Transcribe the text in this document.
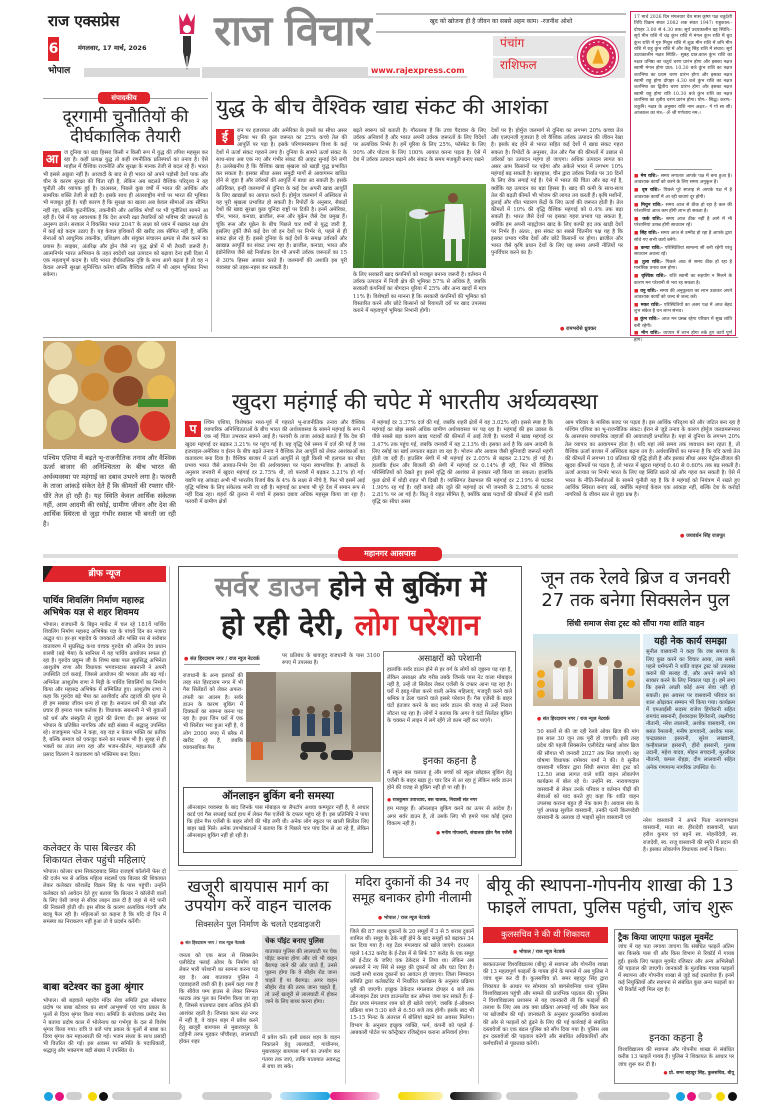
राज एक्सप्रेस
6	मंगलवार, 17 मार्च, 2026
भोपाल
राज विचार	खुद को खोजना ही है जीवन का सबसे अहम काम। -रजनीश ओशो
www.rajexpress.com
पंचांग
राशिफल
17 मार्च 2026 दिन मंगलवार चैत्र मास कृष्ण पक्ष चतुर्दशी तिथि विक्रम संवत 2082 शक संवत 1947। राहुकाल:- दोपहर 3.00 से 4.30 तक। सूर्य उदयकालीन ग्रह स्थिति:- सूर्य मीन राशि में चंद्र कुंभ राशि में मंगल कुंभ राशि में बुध कुंभ राशि में गुरु मिथुन राशि में शुक्र मीन राशि में शनि मीन राशि में राहु कुंभ राशि में और केतु सिंह राशि में संचार। सूर्य उदयकालीन नक्षत्र स्थिति:- सुबह प्रात:काल कुंभ राशि का नक्षत्र धनिष्ठा का चतुर्थ चरण प्रारंभ होगा और इसका नक्षत्र स्वामी मंगल होगा प्रात: 10.30 बजे कुंभ राशि का नक्षत्र शतभिषा का प्रथम चरण प्रारंभ होगा और इसका नक्षत्र स्वामी राहु होगा दोपहर 4.30 बजे कुंभ राशि का नक्षत्र शतभिषा का द्वितीय चरण प्रारंभ होगा और इसका नक्षत्र स्वामी राहु होगा रात्रि 10.30 बजे कुंभ राशि का नक्षत्र शतभिषा का तृतीय चरण प्रारंभ होगा। योग:- सिद्ध। करण:- शकुनि। नक्षत्र के अनुसार राशि नाम अक्षर:- गे गो सा सी। आजकल का मंत्र:- ॐ श्री गणेशाय नम:।
■ मेष राशि:- समय लगातार आपके पक्ष में बना हुआ है। आवश्यक कार्यों को करने के लिए समय अनुकूल है।
■ वृष राशि:- पिछले पूरे सप्ताह से आपके पक्ष में है आवश्यक कार्यों में आ रही बाधाएं दूर होंगी।
■ मिथुन राशि:- समय आज से ठीक हो रहा है कल की परेशानियां आज कम होंगी लाभ हो सकता है।
■ कर्क राशि:- समय आज ठीक नहीं है आगे में भी परेशानियां उत्पन्न होंगी सावधान रहें।
■ सिंह राशि:- समय आज से उम्मीद हो रहा है आपके द्वारा सोचे गए सभी कार्य बनेंगे।
■ कन्या राशि:- परिस्थितियां सामान्य सी बनी रहेंगी परंतु सावधान अवश्य रहें।
■ तुला राशि:- पिछले आठ से समय ठीक हो रहा है मानसिक तनाव कम होगा।
■ वृश्चिक राशि:- राशि स्वामी का सहयोग न मिलने के कारण मन परेशानी से भरा रह सकता है।
■ धनु राशि:- समय की अनुकूलता का लाभ उठाकर अपने आवश्यक कार्यों को जल्द से जल्द करें।
■ मकर राशि:- परिस्थितियों का असर पक्ष में आज बेहद शुभ संकेत है धन लाभ संभव।
■ कुंभ राशि:- आज मन प्रसन्न रहेगा परिवार में सुख शांति बनी रहेगी।
■ मीन राशि:- व्यापार में लाभ होगा रुके हुए कार्य पूर्ण होंगे।
संपादकीय
दूरगामी चुनौतियों की दीर्घकालिक तैयारी
आ	ज दुनिया का बड़ा हिस्सा किसी न किसी रूप में युद्ध की तपिश महसूस कर रहा है। कहीं प्रत्यक्ष युद्ध तो कहीं रणनीतिक प्रतिस्पर्धा का तनाव है। ऐसे माहौल में वैश्विक राजनीति और सुरक्षा के मानक तेजी से बदल रहे हैं। भारत भी इससे अछूता नहीं है। आजादी के बाद से ही भारत को अपने पड़ोसी देशों पाक और चीन के कारण सुरक्षा की चिंता रही है, लेकिन अब बदलते वैश्विक परिदृश्य ने यह चुनौती और व्यापक हुई है। दरअसल, पिछले कुछ वर्षों में भारत की आर्थिक और सामरिक शक्ति तेजी से बढ़ी है। इसके साथ ही अंतरराष्ट्रीय मंचों पर भारत की भूमिका भी मजबूत हुई है। यही कारण है कि सुरक्षा का खतरा अब केवल सीमाओं तक सीमित नहीं रहा, बल्कि कूटनीतिक, तकनीकी और आर्थिक मोर्चों पर भी चुनौतियां सामने आ रही हैं। ऐसे में यह आवश्यक है कि देश अपनी रक्षा तैयारियों को भविष्य की जरूरतों के अनुरूप ढाले। सरकार ने विकसित भारत 2047 के लक्ष्य को ध्यान में रखकर रक्षा क्षेत्र में कई बड़े कदम उठाए हैं। यह केवल हथियारों की खरीद तक सीमित नहीं है, बल्कि सेनाओं को आधुनिक तकनीक, प्रशिक्षण और संयुक्त संचालन क्षमता से लैस करने का प्रयास है। साइबर, अंतरिक्ष और ड्रोन जैसे नए युद्ध क्षेत्रों में भी तैयारी जरूरी है। आत्मनिर्भर भारत अभियान के तहत स्वदेशी रक्षा उत्पादन को बढ़ावा देना इसी दिशा में एक महत्वपूर्ण कदम है। यदि भारत दीर्घकालिक दृष्टि के साथ आगे बढ़ता है तो वह न केवल अपनी सुरक्षा सुनिश्चित करेगा बल्कि वैश्विक शांति में भी अहम भूमिका निभा सकेगा।
युद्ध के बीच वैश्विक खाद्य संकट की आशंका
ई	रान पर इजरायल और अमेरिका के हमले का सीधा असर दुनिया भर की कुल जरूरत का 25% कच्चे तेल की आपूर्ति पर पड़ा है। इसके परिणामस्वरूप विश्व के कई देशों में ऊर्जा संकट गहराने लगा है। दुनिया के सामने ऊर्जा संकट के साथ-साथ अब एक नए और गंभीर संकट की आहट सुनाई देने लगी है। उल्लेखनीय है कि वैश्विक खाद्य श्रृंखला को खाड़ी युद्ध प्रभावित कर सकता है। इसका सीधा असर समुद्री मार्गों से आवागमन बाधित होने से जुड़ा है और उर्वरकों की आपूर्ति में बाधा आ सकती है। इसके अतिरिक्त, इन्हीं जलमार्गों से दुनिया के कई देश अपनी खाद्य आपूर्ति के लिए खाद्यान्नों का आयात करते हैं। होर्मुज जलमार्ग में अस्थिरता से यह पूरी श्रृंखला प्रभावित हो सकती है। रिपोर्टों के अनुसार, सैकड़ों देशों की खाद्य सुरक्षा कुछ चुनिंदा राष्ट्रों पर टिकी है। इनमें अमेरिका, चीन, भारत, कनाडा, ब्राजील, रूस और यूक्रेन जैसे देश प्रमुख हैं। चूंकि रूस और यूक्रेन के बीच पिछले चार वर्षों से युद्ध जारी है, इसलिए तुर्की जैसे कई देश जो इन देशों पर निर्भर थे, पहले से ही संकट झेल रहे हैं। इससे दुनिया के कई देशों के समक्ष उर्वरकों और खाद्यान्न आपूर्ति का संकट उभर रहा है। ब्राजील, कनाडा, भारत और इंडोनेशिया जैसे बड़े निर्यातक देश भी अपनी उर्वरक जरूरतों का 15 से 30% हिस्सा आयात करते हैं। जलमार्गों की अशांति इस पूरी व्यवस्था को तहस-नहस कर सकती है।
बढ़ते स्वरूप को बताती है। गौरतलब है कि उच्च पैदावार के लिए उर्वरक अनिवार्य है और भारत अपनी उर्वरक जरूरतों के लिए विदेशों पर अत्यधिक निर्भर है। हमें यूरिया के लिए 25%, फॉस्फेट के लिए 90% और पोटाश के लिए 100% आयात करना पड़ता है। ऐसे में देश में उर्वरक उत्पादन बढ़ाने और संकट के समय मजबूती बनाए रखने
के लिए सरकारी खाद कंपनियों को मजबूत बनाना जरूरी है। वर्तमान में उर्वरक उत्पादन में निजी क्षेत्र की भूमिका 57% से अधिक है, जबकि सरकारी कंपनियों का योगदान यूरिया में 25% और अन्य खादों में मात्र 11% है। विशेषज्ञों का मानना है कि सरकारी कंपनियों की भूमिका को विस्तारित करने और छोटे किसानों को रियायती दरों पर खाद उपलब्ध कराने में महत्वपूर्ण भूमिका निभानी होगी।
देशों पर है। होर्मुज जलमार्ग से दुनिया का लगभग 20% कच्चा तेल और एलएनजी गुजरता है जो वैश्विक उर्वरक उत्पादन की जीवन रेखा है। इसके बंद होने से भारत सहित कई देशों में खाद्य संकट गहरा सकता है। रिपोर्टों के अनुसार, तेल और गैस की कीमतों में उछाल से उर्वरकों का उत्पादन महंगा हो जाएगा। अधिक उत्पादन लागत का असर आम किसानों पर पड़ेगा और अकेले भारत में लगभग 10% महंगाई बढ़ सकती है। बहरहाल, चीन द्वारा उर्वरक निर्यात पर 30 दिनों के लिए रोक लगाई गई है। ऐसे में भारत की चिंता और बढ़ गई है, क्योंकि यह उत्पादन का बड़ा हिस्सा है। खाद की कमी के साथ-साथ तेल की बढ़ती कीमतें भी भोजन की लागत तय करती हैं। कृषि मशीनों, ढुलाई और शीत भंडारण केंद्रों के लिए ऊर्जा की जरूरत होती है। तेल कीमतों में 10% की वृद्धि वैश्विक महंगाई को 0.4% तक बढ़ा सकती है। भारत जैसे देशों पर इसका गहरा प्रभाव पड़ सकता है, क्योंकि हम अपनी नाइट्रोजन खाद के लिए काफी हद तक खाड़ी देशों पर निर्भर हैं। अंतत:, इस संकट का सबसे चिंतनीय पक्ष यह है कि इसका प्रभाव गरीब देशों और छोटे किसानों पर होगा। ब्राजील और भारत जैसे कृषि प्रधान देशों के लिए यह समय अपनी नीतियों पर पुनर्विचार करने का है।
● रामभरोसे ध्रुवकर
पश्चिम एशिया में बढ़ते भू-राजनीतिक तनाव और वैश्विक ऊर्जा बाजार की अनिश्चितता के बीच भारत की अर्थव्यवस्था पर महंगाई का दबाव उभरने लगा है। फरवरी के ताजा आंकड़े संकेत देते हैं कि कीमतों की रफ्तार धीरे-धीरे तेज हो रही है। यह स्थिति केवल आर्थिक संकेतक नहीं, आम आदमी की रसोई, ग्रामीण जीवन और देश की आर्थिक स्थिरता से जुड़ा गंभीर सवाल भी बनती जा रही है।
खुदरा महंगाई की चपेट में भारतीय अर्थव्यवस्था
प	श्चिम एशिया, विशेषकर मध्य-पूर्व में गहराते भू-राजनीतिक तनाव और वैश्विक व्यापारिक अनिश्चितताओं के बीच भारत की अर्थव्यवस्था के सामने महंगाई के रूप में एक नई चिंता उभरकर सामने आई है। फरवरी के ताजा आंकड़े बताते हैं कि देश की खुदरा महंगाई दर बढ़कर 3.21% पर पहुंच गई है। यह वृद्धि ऐसे समय में दर्ज की गई है जब इजराइल-अमेरिका व ईरान के बीच बढ़ते तनाव ने वैश्विक तेल आपूर्ति को लेकर आशंकाओं का वातावरण बना दिया है। वैश्विक बाजार में ऊर्जा आपूर्ति से जुड़ी किसी भी हलचल का सीधा प्रभाव भारत जैसे आयात-निर्भर देश की अर्थव्यवस्था पर पड़ना स्वाभाविक है। आंकड़ों के अनुसार जनवरी में खुदरा महंगाई दर 2.75% थी, जो फरवरी में बढ़कर 3.21% हो गई। यद्यपि यह आंकड़ा अभी भी भारतीय रिजर्व बैंक के 4% के लक्ष्य से नीचे है, फिर भी इसमें आई वृद्धि भविष्य के लिए संकेतक मानी जा रही है। महंगाई का प्रभाव भी पूरे देश में समान रूप से नहीं दिख रहा। शहरों की तुलना में गांवों में इसका दबाव अधिक महसूस किया जा रहा है। फरवरी में ग्रामीण क्षेत्रों
में महंगाई दर 3.37% दर्ज की गई, जबकि शहरी क्षेत्रों में यह 3.02% रही। इससे स्पष्ट है कि महंगाई का बोझ सबसे अधिक ग्रामीण अर्थव्यवस्था पर पड़ रहा है। महंगाई की इस उछाल के पीछे सबसे बड़ा कारण खाद्य पदार्थों की कीमतों में आई तेजी है। फरवरी में खाद्य महंगाई दर 3.47% तक पहुंच गई, जबकि जनवरी में यह 2.13% थी। इसका अर्थ है कि आम आदमी के लिए रसोई का खर्च लगातार बढ़ता जा रहा है। भोजन और आवास जैसी बुनियादी जरूरतें महंगी होती जा रही हैं। हाउसिंग श्रेणी में भी महंगाई दर 2.05% से बढ़कर 2.12% हो गई है। हालांकि ईंधन और बिजली की श्रेणी में महंगाई दर 0.14% ही रही, फिर भी वैश्विक परिस्थितियों को देखते हुए इसमें वृद्धि की आशंका से इनकार नहीं किया जा सकता। हालांकि कुछ क्षेत्रों में थोड़ी राहत भी दिखी है। व्यक्तिगत देखभाल की महंगाई दर 2.19% से घटकर 1.90% रह गई है। वहीं कपड़े और जूते की महंगाई दर भी जनवरी के 2.98% से घटकर 2.81% पर आ गई है। किंतु ये राहत सीमित है, क्योंकि खाद्य पदार्थों की कीमतों में होने वाली वृद्धि का सीधा असर
आम परिवार के मासिक बजट पर पड़ता है। इस आर्थिक परिदृश्य को और जटिल बना रहा है पश्चिम एशिया का भू-राजनीतिक संकट। ईरान से जुड़े तनाव के कारण होर्मुज जलडमरूमध्य के आसपास व्यापारिक जहाजों की आवाजाही प्रभावित है। यहां से दुनिया के लगभग 20% तेल व्यापार का आवागमन होता है। यदि यहां लंबे समय तक व्यवधान बना रहता है, तो वैश्विक ऊर्जा बाजार में अस्थिरता बढ़ना तय है। अर्थशास्त्रियों का मानना है कि यदि कच्चे तेल की कीमतों में लगभग 10 प्रतिशत की वृद्धि होती है और इसका सीधा असर पेट्रोल-डीजल की खुदरा कीमतों पर पड़ता है, तो भारत में खुदरा महंगाई 0.40 से 0.60% तक बढ़ सकती है। ऊर्जा आयात पर निर्भर भारत के लिए यह स्थिति खतरे को और गहरा कर सकती है। ऐसे में भारत के नीति-निर्माताओं के सामने चुनौती यह है कि वे महंगाई को नियंत्रण में रखते हुए आर्थिक स्थिरता बनाए रखें, क्योंकि महंगाई केवल एक आंकड़ा नहीं, बल्कि देश के करोड़ों नागरिकों के जीवन स्तर से जुड़ा प्रश्न है।
● जयवर्धन सिंह राजपूत
महानगर आसपास
ब्रीफ न्यूज
पार्थिव शिवलिंग निर्माण महारुद्र अभिषेक यज्ञ से शहर शिवमय
भोपाल। राजधानी के बिट्टन मार्केट में चल रहे 181वें पार्थिव शिवलिंग निर्माण महारुद्र अभिषेक यज्ञ के पांचवें दिन का नजारा अद्भुत था। हर-हर महादेव के जयकारों और भक्ति रस से सरोबार वातावरण में सुप्रसिद्ध कथा वाचक गुरुदेव श्री अनिल देव प्रधान शास्त्री (बड़े भैया) के सानिध्य में यह पार्थिव आयोजन सफल हो रहा है। गुरुदेव प्रद्युम्न जी के शिष्य बाबा पाल सुप्रसिद्ध अभिनेता आशुतोष राणा और विधायक भगवानदास सबनानी ने अपनी उपस्थिति दर्ज कराई, जिससे आयोजन की भव्यता और बढ़ गई। अभिनेता आशुतोष राणा ने मिट्टी के पार्थिव शिवलिंगों का निर्माण किया और महारुद्र अभिषेक में सम्मिलित हुए। आशुतोष राणा ने कहा कि गुरुदेव बड़े भैया का आशीर्वाद और दद्दाजी की कृपा से ही हम सबका जीवन धन्य हो रहा है। सनातन धर्म की रक्षा और प्रचार ही हमारा परम कर्तव्य है। विधायक सबनानी ने भी युवाओं को धर्म और संस्कृति से जुड़ने की प्रेरणा दी। इस अवसर पर भोपाल के प्रतिष्ठित नागरिक और बड़ी संख्या में श्रद्धालु उपस्थित रहे। राजकुमार पटेल ने कहा, यह यज्ञ न केवल भक्ति का प्रतीक है, बल्कि समाज को एकजुट करने का माध्यम भी है। सुबह से ही भक्तों का तांता लगा रहा और भजन-कीर्तन, महाआरती और प्रसाद वितरण ने वातावरण को भक्तिमय बना दिया।
कलेक्टर के पास बिल्डर की शिकायत लेकर पहुंची महिलाएं
भोपाल। कोलार ग्राम सिकंदराबाद स्थित राजहर्ष कॉलोनी फेस दो की दर्जन भर से अधिक महिला सदस्यों एक बिल्डर की शिकायत लेकर कलेक्टर कौशलेंद्र विक्रम सिंह के पास पहुंचीं। उन्होंने कलेक्टर को आवेदन देते हुए बताया कि बिल्डर ने कॉलोनी वालों के लिए ऐसी जगह से सीवर लाइन डाल दी है जहां से गंदे पानी की निकासी होती थी। इस सीवर के कारण अत्यधिक गंदगी और बदबू फैल रही है। महिलाओं का कहना है कि यदि दो दिन में समस्या का निराकरण नहीं हुआ तो वे प्रदर्शन करेंगी।
बाबा बटेश्वर का हुआ श्रृंगार
भोपाल। श्री बड़वाले महादेव मंदिर सेवा समिति द्वारा सोमवार प्रदोष पर बाबा बटेश्वर का स्वर्ण आभूषणों एवं पांच प्रकार के फूलों से दिव्य श्रृंगार किया गया। समिति के संयोजक प्रमोद नेमा ने बताया प्रदोष काल में भोलेनाथ का गर्भगृह के दल से विशेष श्रृंगार किया गया। रात्रि 9 बजे पांच प्रकार के फूलों से बाबा का दिव्य श्रृंगार कर महाआरती की गई। भजन संध्या के साथ प्रसादी भी वितरित की गई। इस अवसर पर समिति के पदाधिकारी, श्रद्धालु और भक्तगण बड़ी संख्या में उपस्थित थे।
सर्वर डाउन होने से बुकिंग में
हो रही देरी, लोग परेशान
● संत हिरदाराम नगर / राज न्यूज नेटवर्क	पर प्रतिबंध के बावजूद राजधानी के पास 3100 रुपए में उपलब्ध है।
राजधानी के अन्य इलाकों की तरह संत हिरदाराम नगर में भी गैस सिलेंडरों को लेकर अफरा-तफरी का आलम है। सर्वर डाउन के कारण बुकिंग में दिक्कतों का सामना करना पड़ रहा है। इधर जिन घरों में एक भी सिलेंडर भरा हुआ नहीं है, वे लोग 2000 रुपए में ब्लैक में खरीद रहे हैं, जबकि व्यावसायिक गैस
ऑनलाइन बुकिंग बनी समस्या
ऑनलाइन व्यवस्था के बाद जिनके पास मोबाइल या लैपटॉप अथवा कम्प्यूटर नहीं है, वे आधार कार्ड एवं गैस सप्लाई कार्ड हाथ में लेकर गैस एजेंसी के दफ्तर पहुंच रहे हैं। इस प्रतिनिधि ने पाया कि इंडेन गैस एजेंसी के बाहर लोगों की भीड़ लगी थी। अनेक लोग स्कूटर पर खाली सिलेंडर लिए बाहर खड़े मिले। अनेक उपभोक्ताओं ने बताया कि वे पिछले चार पांच दिन से आ रहे हैं, लेकिन ऑनलाइन बुकिंग नहीं हो रही है।
असाक्षरों को परेशानी
हालांकि सर्वर डाउन होने से हर वर्ग के लोगों को जूझना पड़ रहा है, लेकिन असाक्षर और गरीब तबके जिनके पास नेट वाला मोबाइल नहीं है, उन्हें तो सिलेंडर लेकर एजेंसी के दफ्तर आना पड़ रहा है। घरों में झाडू-पोंछा करने वाली अनेक महिलाएं, मजदूरी करने वाले श्रमिक व ठेला चलाने वाले इससे परेशान हैं। गैस एजेंसी के बाहर घंटों इंतजार करने के बाद सर्वर डाउन की वजह से उन्हें निराश लौटना पड़ रहा है। लोगों ने बताया कि अगर वे घंटों सिलेंडर बुकिंग के चक्कर में लाइन में लगे रहेंगे तो काम नहीं कर पाएंगे।
इनका कहना है
मैं स्कूल बस चलाता हूं और बच्चों को स्कूल छोड़कर बुकिंग हेतु एजेंसी के बाहर खड़ा हूं। चार दिन से आ रहा हूं लेकिन सर्वर डाउन होने की वजह से बुकिंग नहीं हो पा रही है।
● राजकुमार उपाध्याय, बस चालक, निवासी संत नगर
हम मजबूर हैं। ऑनलाइन बुकिंग करने का ऊपर से आदेश है। अगर सर्वर डाउन है, तो उसके लिए भी हमारे पास कोई दूसरा विकल्प नहीं है।
● मनीष गोपलानी, संचालक इंडेन गैस एजेंसी
जून तक रेलवे ब्रिज व जनवरी 27 तक बनेगा सिक्सलेन पुल
सिंधी समाज सेवा ट्रस्ट को सौंपा गया शांति वाहन
यही नेक कार्य समझा
सुनील वासवानी ने कहा कि जब समाज के लिए कुछ करने का विचार आया, तब सबसे पहले धर्मपत्नी ने शांति वाहन ट्रस्ट को उपलब्ध कराने की सलाह दी, और अपने सपने को साकार करने के लिए निकाल पड़ा हूं। हमें लगा कि इससे अच्छी कोई अन्य सेवा नहीं हो सकती। इस अवसर पर वासवानी परिवार का शाल ओढ़ाकर सम्मान भी किया गया। कार्यक्रम में एमआईसी सदस्य राजेश हिंगोरानी सहित रामचंद सबनानी, ईश्वरदास हिंगोरानी, लक्ष्मीचंद नौतानी, नरेश लालानी, अशोक वासवानी, राम बसंत रैमलानी, मनीष डागवानी, अशोक मारू, चन्द्रप्रकाश इसरानी, सुरेश लखवानी, कन्हैयालाल इसरानी, हीरो इसरानी, गुलाब उदानी, महेश यादव, मोहन सचदानी, मुरलीधर नौतानी, कमल रोहड़ा, दीप लालवानी सहित अनेक गणमान्य नागरिक उपस्थित थे।
● संत हिरदाराम नगर / राज न्यूज नेटवर्क
50 सालों से की जा रही रेलवे ओवर ब्रिज की मांग इस साल 30 जून तक पूरी हो जाएगी। इसी तरह प्रदेश की पहली सिक्सलेन एलीवेटेड फ्लाई ओवर ब्रिज की सौगात भी जनवरी 2027 तक मिल जाएगी। यह घोषणा विधायक रामेश्वर शर्मा ने की। वे सुनील वासवानी परिवार द्वारा सिंधी समाज सेवा ट्रस्ट को 12.50 लाख लागत वाले शांति वाहन लोकार्पण कार्यक्रम में बोल रहे थे। उन्होंने स्व. नारायणदास वासवानी से लेकर उनके परिवार व वर्तमान पीढ़ी की सेवाओं को याद करते हुए कहा कि शांति वाहन उपलब्ध कराना बहुत ही नेक काम है। आवास संघ के पूर्व अध्यक्ष सुशील वासवानी, उनकी पत्नी किरणदेवी वासवानी के अलावा दो भाइयों सुरेश वासवानी एवं	नरेश वासवानी ने अपने पिता नारायणदास वासवानी, माता स्व. हीरादेवी वासवानी, भ्राता हरीश कुमार एवं बहनें स्व. मोहनीदेवी, स्व. राजदेवी, स्व. राजू वासवानी की स्मृति में प्रदान की है। इसका लोकार्पण विधायक शर्मा ने किया।
खजूरी बायपास मार्ग का उपयोग करें वाहन चालक
सिक्सलेन पुल निर्माण के चलते एडवाइजरी
● संत हिरदाराम नगर / राज न्यूज नेटवर्क
जनता को एक साल से सिक्सलेन एलीवेटेड फ्लाई ओवर के निर्माण को लेकर भारी परेशानी का सामना करना पड़ रहा है। अब यातायात पुलिस ने एडवाइजरी जारी की है। इसमें कहा गया है कि सीवेज पम्प हाउस से लेकर सिग्नल फाटक तक पुल का निर्माण किया जा रहा है, जिससे यातायात दबाव अधिक होने की आशंका रहती है। जिनका काम संत नगर में नहीं है, वे वाहन शहर में प्रवेश करने हेतु खजूरी बायपास से मुबारकपुर के दाहिनी तरफ मुड़कर पाँचौराहा, लालघाटी होकर शहर
चेक पॉइंट बनाए पुलिस
यातायात पुलिस की लालघाटी पर चेक पॉइंट बनाया होगा और जो भी वाहन बैरागढ़ जाने की ओर जाते हैं, उनसे पूछना होगा कि वे सीहोर रोड जाना चाहते हैं या बैरागढ़। अगर वाहन सीहोर रोड की तरफ जाना चाहते हैं, तो उन्हें खजूरी से लालघाटी में होकर जाने के लिए बाध्य करना होगा।
में प्रवेश करें। इसी प्रकार शहर के वाहन निकालने हेतु लालघाटी, गांधीनगर, मुबारकपुर बायपास मार्ग का उपयोग कर गंतव्य तक जाएं, ताकि यातायात अवरुद्ध से बचा जा सके।
मदिरा दुकानों की 34 नए समूह बनाकर होगी नीलामी
● भोपाल / राज न्यूज नेटवर्क
जिले की 87 शराब दुकानों के 20 समूहों में 3 से 5 शराब दुकानें शामिल थीं। समूह के ठेके नहीं होने के बाद समूहों को बढ़ाकर 34 कर दिया गया है। यह टेंडर मंगलवार को खोले जाएंगे। दरअसल पहले 1432 करोड़ के ई-टेंडर में से सिर्फ 57 करोड़ के एक समूह को ई-टेंडर के जरिए एक ठेकेदार ने लिया था। लेकिन अब अफसरों ने नए सिरे से समूह की दुकानों को और घटा दिया है। जल्दी सभी शराब दुकानों का आवंटन हो जाएगा। जिला निष्पादन समिति द्वारा कलेक्टोरेट में निर्धारित कार्यक्रम के अनुसार प्रक्रिया पूरी की जाएगी। इच्छुक ठेकेदार मंगलवार दोपहर 4 बजे तक ऑनलाइन टेंडर प्रपत्र डाउनलोड कर ऑफर जमा कर सकते हैं। ई-टेंडर प्रपत्र मंगलवार शाम को ही खोले जाएंगे, जबकि ई-ऑक्शन प्रक्रिया शाम 5:30 बजे से 6:50 बजे तक होगी। इसके बाद भी 15-15 मिनट के अंतराल में बोलियां बढ़ाने का अवसर मिलेगा। विभाग के अनुसार इच्छुक व्यक्ति, फर्म, कंपनी को पहले ई-आबकारी पोर्टल पर कॉन्ट्रैक्टर रजिस्ट्रेशन कराना अनिवार्य होगा।
बीयू की स्थापना-गोपनीय शाखा की 13 फाइलें लापता, पुलिस पहुंची, जांच शुरू
कुलसचिव ने की थी शिकायत
● भोपाल / राज न्यूज नेटवर्क
बरकतउल्ला विश्वविद्यालय (बीयू) से स्थापना और गोपनीय शाखा की 13 महत्वपूर्ण फाइलों के गायब होने के मामले में अब पुलिस ने जांच शुरू कर दी है। कुलसचिव प्रो. समर बहादुर सिंह द्वारा शिकायत के आधार पर सोमवार को बागसेवनिया थाना पुलिस विश्वविद्यालय पहुंची और मामले की प्रारंभिक पड़ताल की। पुलिस ने विश्वविद्यालय प्रशासन से यह जानकारी ली कि फाइलों की तलाश के लिए अब तक क्या प्रक्रिया अपनाई गई और किस स्तर पर खोजबीन की गई। जानकारी के अनुसार कुलसचिव कार्यालय की ओर से फाइलों को ढूंढने के लिए की गई कार्रवाई से संबंधित दस्तावेजों का एक बंडल पुलिस को सौंप दिया गया है। पुलिस अब इन दस्तावेजों की पड़ताल करेगी और संबंधित अधिकारियों और कर्मचारियों से पूछताछ करेगी।
ट्रैक किया जाएगा फाइल मूवमेंट
जांच में यह पता लगाया जाएगा कि संबंधित फाइलें अंतिम बार किसके पास थीं और किस विभाग से रिकॉर्ड में गायब हुईं। इसके लिए फाइल मूवमेंट रजिस्टर और अन्य अभिलेखों की पड़ताल की जाएगी। जानकारी के मुताबिक गायब फाइलों में स्थापना और गोपनीय शाखा से जुड़े कई दस्तावेज हैं। इनमें कई नियुक्तियों और स्थापना से संबंधित कुछ अन्य फाइलों का भी रिकॉर्ड नहीं मिल रहा है।
इनका कहना है
विश्वविद्यालय की स्थापना और गोपनीय शाखा से संबंधित करीब 13 फाइलें गायब हैं। पुलिस ने शिकायत के आधार पर जांच शुरू कर दी है।
● प्रो. समर बहादुर सिंह, कुलसचिव, बीयू
